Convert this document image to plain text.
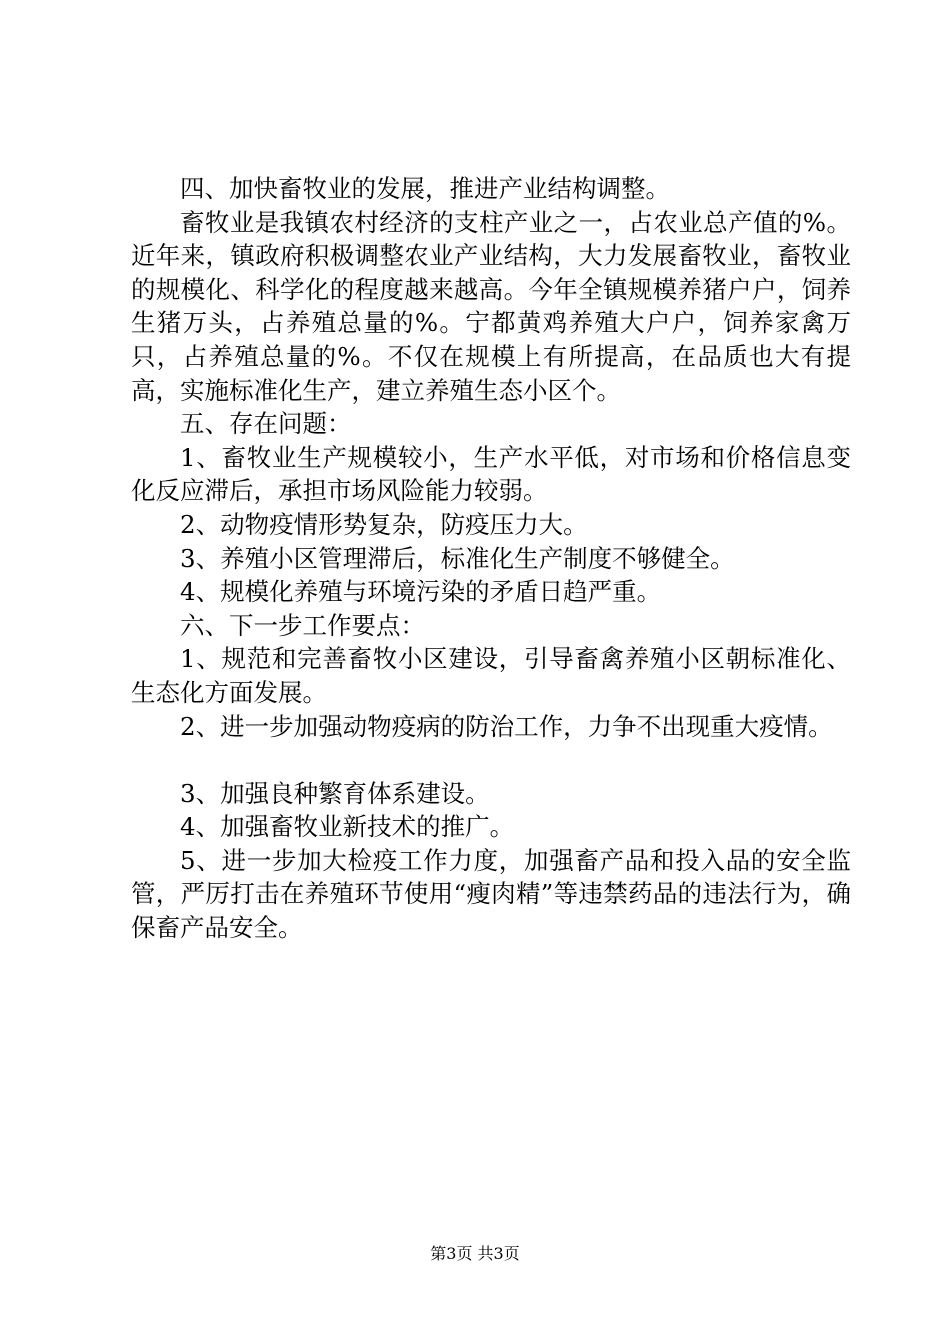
四、加快畜牧业的发展，推进产业结构调整。

畜牧业是我镇农村经济的支柱产业之一，占农业总产值的%。近年来，镇政府积极调整农业产业结构，大力发展畜牧业，畜牧业的规模化、科学化的程度越来越高。今年全镇规模养猪户户，饲养生猪万头，占养殖总量的%。宁都黄鸡养殖大户户，饲养家禽万只，占养殖总量的%。不仅在规模上有所提高，在品质也大有提高，实施标准化生产，建立养殖生态小区个。

五、存在问题：

1、畜牧业生产规模较小，生产水平低，对市场和价格信息变化反应滞后，承担市场风险能力较弱。

2、动物疫情形势复杂，防疫压力大。

3、养殖小区管理滞后，标准化生产制度不够健全。

4、规模化养殖与环境污染的矛盾日趋严重。

六、下一步工作要点：

1、规范和完善畜牧小区建设，引导畜禽养殖小区朝标准化、生态化方面发展。

2、进一步加强动物疫病的防治工作，力争不出现重大疫情。

3、加强良种繁育体系建设。

4、加强畜牧业新技术的推广。

5、进一步加大检疫工作力度，加强畜产品和投入品的安全监管，严厉打击在养殖环节使用“瘦肉精”等违禁药品的违法行为，确保畜产品安全。

第3页 共3页
